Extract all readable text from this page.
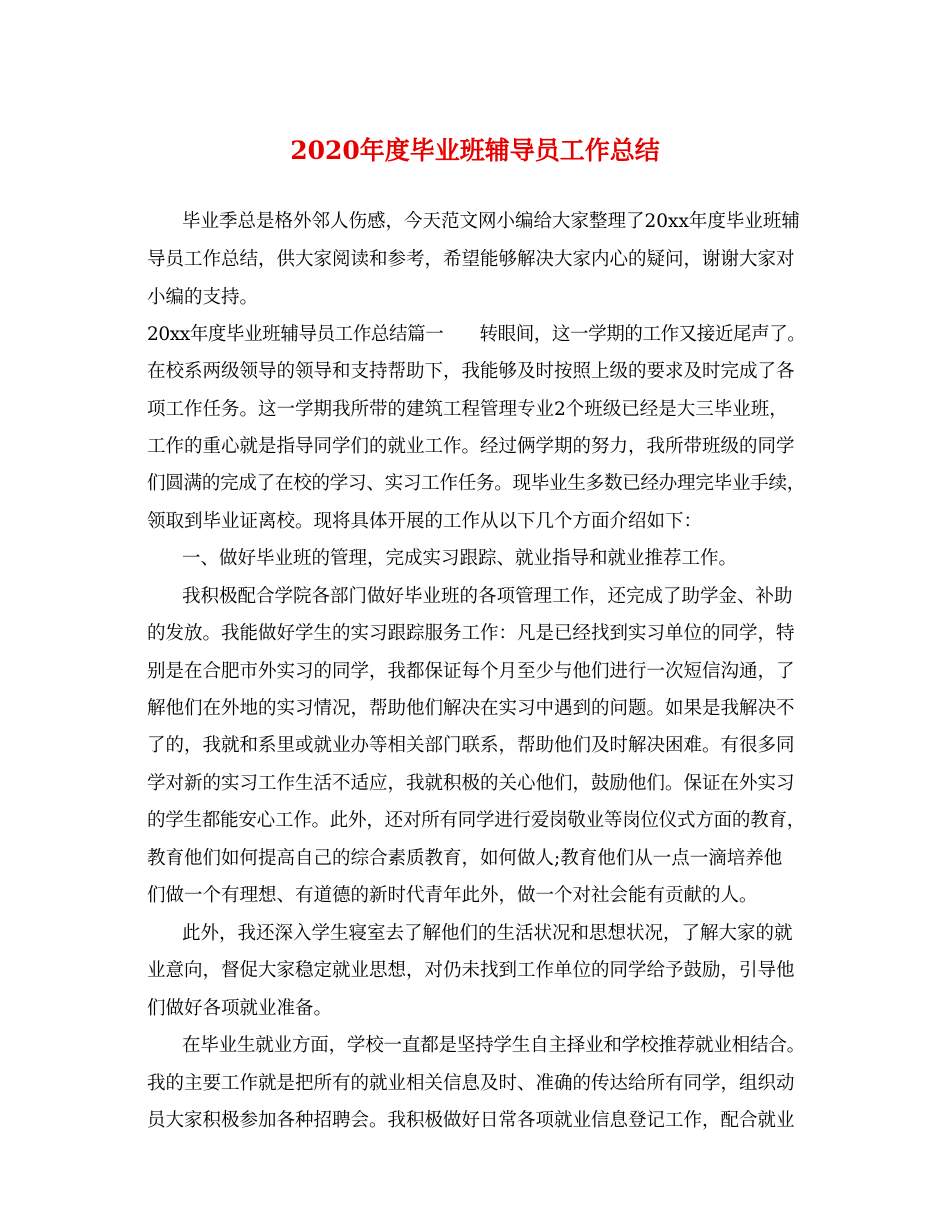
2020年度毕业班辅导员工作总结
毕业季总是格外邻人伤感，今天范文网小编给大家整理了20xx年度毕业班辅
导员工作总结，供大家阅读和参考，希望能够解决大家内心的疑问，谢谢大家对
小编的支持。
20xx年度毕业班辅导员工作总结篇一　　转眼间，这一学期的工作又接近尾声了。
在校系两级领导的领导和支持帮助下，我能够及时按照上级的要求及时完成了各
项工作任务。这一学期我所带的建筑工程管理专业2个班级已经是大三毕业班，
工作的重心就是指导同学们的就业工作。经过俩学期的努力，我所带班级的同学
们圆满的完成了在校的学习、实习工作任务。现毕业生多数已经办理完毕业手续，
领取到毕业证离校。现将具体开展的工作从以下几个方面介绍如下：
一、做好毕业班的管理，完成实习跟踪、就业指导和就业推荐工作。
我积极配合学院各部门做好毕业班的各项管理工作，还完成了助学金、补助
的发放。我能做好学生的实习跟踪服务工作：凡是已经找到实习单位的同学，特
别是在合肥市外实习的同学，我都保证每个月至少与他们进行一次短信沟通，了
解他们在外地的实习情况，帮助他们解决在实习中遇到的问题。如果是我解决不
了的，我就和系里或就业办等相关部门联系，帮助他们及时解决困难。有很多同
学对新的实习工作生活不适应，我就积极的关心他们，鼓励他们。保证在外实习
的学生都能安心工作。此外，还对所有同学进行爱岗敬业等岗位仪式方面的教育，
教育他们如何提高自己的综合素质教育，如何做人;教育他们从一点一滴培养他
们做一个有理想、有道德的新时代青年此外，做一个对社会能有贡献的人。
此外，我还深入学生寝室去了解他们的生活状况和思想状况，了解大家的就
业意向，督促大家稳定就业思想，对仍未找到工作单位的同学给予鼓励，引导他
们做好各项就业准备。
在毕业生就业方面，学校一直都是坚持学生自主择业和学校推荐就业相结合。
我的主要工作就是把所有的就业相关信息及时、准确的传达给所有同学，组织动
员大家积极参加各种招聘会。我积极做好日常各项就业信息登记工作，配合就业
